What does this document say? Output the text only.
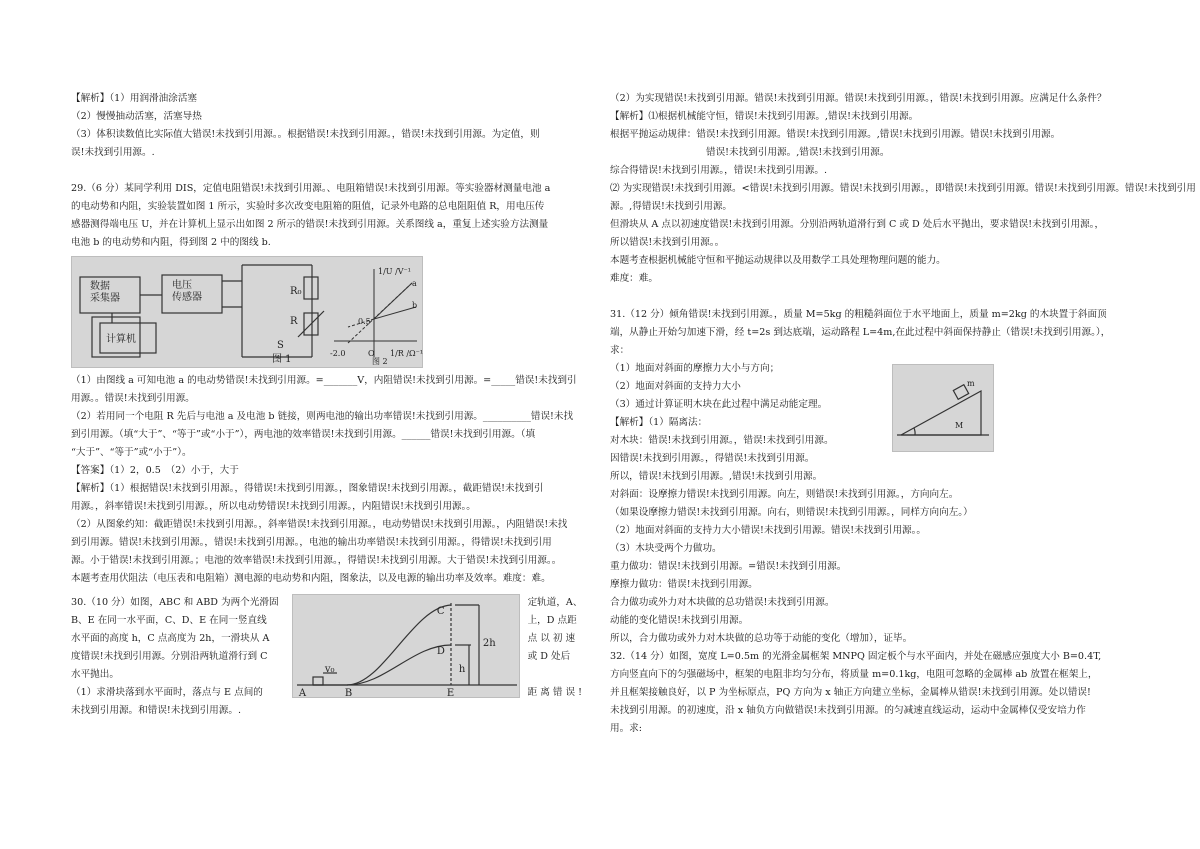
【解析】（1）用润滑油涂活塞
（2）慢慢抽动活塞，活塞导热
（3）体积读数值比实际值大错误!未找到引用源。。根据错误!未找到引用源。，错误!未找到引用源。为定值，则
误!未找到引用源。.
29.（6 分）某同学利用 DIS，定值电阻错误!未找到引用源。、电阻箱错误!未找到引用源。等实验器材测量电池 a
的电动势和内阻，实验装置如图 1 所示，实验时多次改变电阻箱的阻值，记录外电路的总电阻阻值 R，用电压传
感器测得端电压 U，并在计算机上显示出如图 2 所示的错误!未找到引用源。关系图线 a，重复上述实验方法测量
电池 b 的电动势和内阻，得到图 2 中的图线 b.
数据
采集器
电压
传感器
计算机
R₀
R
S
图 1
1/U /V⁻¹
1/R /Ω⁻¹
0.5
-2.0	O
a
b
图 2
（1）由图线 a 可知电池 a 的电动势错误!未找到引用源。=_______V，内阻错误!未找到引用源。=_____错误!未找到引
用源。。错误!未找到引用源。
（2）若用同一个电阻 R 先后与电池 a 及电池 b 链接，则两电池的输出功率错误!未找到引用源。__________错误!未找
到引用源。（填“大于”、“等于”或“小于”），两电池的效率错误!未找到引用源。______错误!未找到引用源。（填
“大于”、“等于”或“小于”）。
【答案】（1）2，0.5　（2）小于，大于
【解析】（1）根据错误!未找到引用源。，得错误!未找到引用源。，图象错误!未找到引用源。，截距错误!未找到引
用源。，斜率错误!未找到引用源。，所以电动势错误!未找到引用源。，内阻错误!未找到引用源。。
（2）从图象约知：截距错误!未找到引用源。，斜率错误!未找到引用源。，电动势错误!未找到引用源。，内阻错误!未找
到引用源。错误!未找到引用源。，错误!未找到引用源。，电池的输出功率错误!未找到引用源。，得错误!未找到引用
源。小于错误!未找到引用源。；电池的效率错误!未找到引用源。，得错误!未找到引用源。大于错误!未找到引用源。。
本题考查用伏阻法（电压表和电阻箱）测电源的电动势和内阻，图象法，以及电源的输出功率及效率。难度：难。
30.（10 分）如图，ABC 和 ABD 为两个光滑固
B、E 在同一水平面，C、D、E 在同一竖直线
水平面的高度 h，C 点高度为 2h，一滑块从 A
度错误!未找到引用源。分别沿两轨道滑行到 C
水平抛出。
（1）求滑块落到水平面时，落点与 E 点间的
C
D
A	B	E
v₀
2h
h
定轨道，A、
上，D 点距
点 以 初 速
或 D 处后
距 离 错 误 !
未找到引用源。和错误!未找到引用源。.
（2）为实现错误!未找到引用源。错误!未找到引用源。错误!未找到引用源。，错误!未找到引用源。应满足什么条件？
【解析】⑴根据机械能守恒，错误!未找到引用源。,错误!未找到引用源。
根据平抛运动规律：错误!未找到引用源。错误!未找到引用源。,错误!未找到引用源。错误!未找到引用源。
错误!未找到引用源。,错误!未找到引用源。
综合得错误!未找到引用源。，错误!未找到引用源。.
⑵ 为实现错误!未找到引用源。<错误!未找到引用源。错误!未找到引用源。，即错误!未找到引用源。错误!未找到引用源。错误!未找到引用
源。,得错误!未找到引用源。
但滑块从 A 点以初速度错误!未找到引用源。分别沿两轨道滑行到 C 或 D 处后水平抛出，要求错误!未找到引用源。，
所以错误!未找到引用源。。
本题考查根据机械能守恒和平抛运动规律以及用数学工具处理物理问题的能力。
难度：难。
31.（12 分）倾角错误!未找到引用源。，质量 M=5kg 的粗糙斜面位于水平地面上，质量 m=2kg 的木块置于斜面顶
端，从静止开始匀加速下滑，经 t=2s 到达底端，运动路程 L=4m,在此过程中斜面保持静止（错误!未找到引用源。），
求：
（1）地面对斜面的摩擦力大小与方向；
（2）地面对斜面的支持力大小
（3）通过计算证明木块在此过程中满足动能定理。
【解析】（1）隔离法：
对木块：错误!未找到引用源。，错误!未找到引用源。
因错误!未找到引用源。，得错误!未找到引用源。
m
M
所以，错误!未找到引用源。,错误!未找到引用源。
对斜面：设摩擦力错误!未找到引用源。向左，则错误!未找到引用源。，方向向左。
（如果设摩擦力错误!未找到引用源。向右，则错误!未找到引用源。，同样方向向左。）
（2）地面对斜面的支持力大小错误!未找到引用源。错误!未找到引用源。。
（3）木块受两个力做功。
重力做功：错误!未找到引用源。=错误!未找到引用源。
摩擦力做功：错误!未找到引用源。
合力做功或外力对木块做的总功错误!未找到引用源。
动能的变化错误!未找到引用源。
所以，合力做功或外力对木块做的总功等于动能的变化（增加），证毕。
32.（14 分）如图，宽度 L=0.5m 的光滑金属框架 MNPQ 固定板个与水平面内，并处在磁感应强度大小 B=0.4T,
方向竖直向下的匀强磁场中，框架的电阻非均匀分布，将质量 m=0.1kg，电阻可忽略的金属棒 ab 放置在框架上，
并且框架接触良好，以 P 为坐标原点，PQ 方向为 x 轴正方向建立坐标，金属棒从错误!未找到引用源。处以错误!
未找到引用源。的初速度，沿 x 轴负方向做错误!未找到引用源。的匀减速直线运动，运动中金属棒仅受安培力作
用。求:
